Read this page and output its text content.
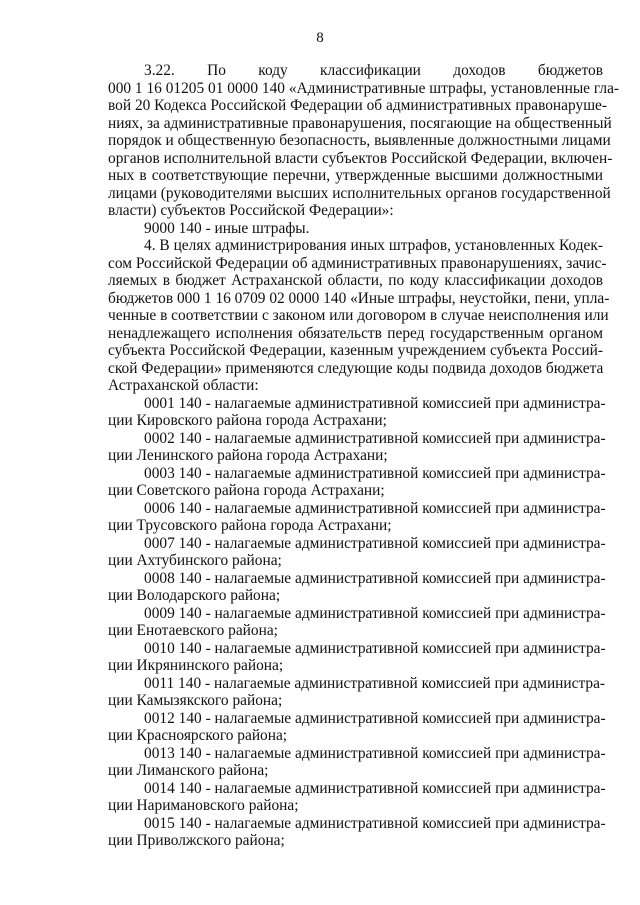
8
3.22. По коду классификации доходов бюджетов
000 1 16 01205 01 0000 140 «Административные штрафы, установленные гла-
вой 20 Кодекса Российской Федерации об административных правонаруше-
ниях, за административные правонарушения, посягающие на общественный
порядок и общественную безопасность, выявленные должностными лицами
органов исполнительной власти субъектов Российской Федерации, включен-
ных в соответствующие перечни, утвержденные высшими должностными
лицами (руководителями высших исполнительных органов государственной
власти) субъектов Российской Федерации»:
9000 140 - иные штрафы.
4. В целях администрирования иных штрафов, установленных Кодек-
сом Российской Федерации об административных правонарушениях, зачис-
ляемых в бюджет Астраханской области, по коду классификации доходов
бюджетов 000 1 16 0709 02 0000 140 «Иные штрафы, неустойки, пени, упла-
ченные в соответствии с законом или договором в случае неисполнения или
ненадлежащего исполнения обязательств перед государственным органом
субъекта Российской Федерации, казенным учреждением субъекта Россий-
ской Федерации» применяются следующие коды подвида доходов бюджета
Астраханской области:
0001 140 - налагаемые административной комиссией при администра-
ции Кировского района города Астрахани;
0002 140 - налагаемые административной комиссией при администра-
ции Ленинского района города Астрахани;
0003 140 - налагаемые административной комиссией при администра-
ции Советского района города Астрахани;
0006 140 - налагаемые административной комиссией при администра-
ции Трусовского района города Астрахани;
0007 140 - налагаемые административной комиссией при администра-
ции Ахтубинского района;
0008 140 - налагаемые административной комиссией при администра-
ции Володарского района;
0009 140 - налагаемые административной комиссией при администра-
ции Енотаевского района;
0010 140 - налагаемые административной комиссией при администра-
ции Икрянинского района;
0011 140 - налагаемые административной комиссией при администра-
ции Камызякского района;
0012 140 - налагаемые административной комиссией при администра-
ции Красноярского района;
0013 140 - налагаемые административной комиссией при администра-
ции Лиманского района;
0014 140 - налагаемые административной комиссией при администра-
ции Наримановского района;
0015 140 - налагаемые административной комиссией при администра-
ции Приволжского района;
